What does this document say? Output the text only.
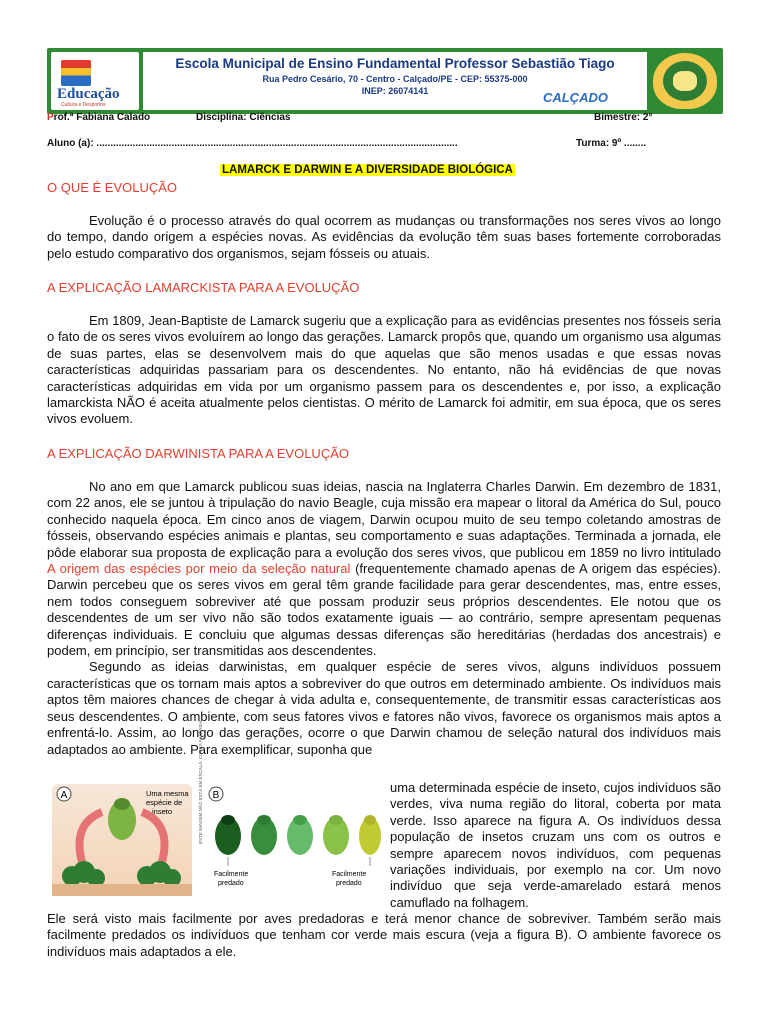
Educação
Cultura e Desportos
Escola Municipal de Ensino Fundamental Professor Sebastião Tiago
Rua Pedro Cesário, 70 - Centro - Calçado/PE - CEP: 55375-000
INEP: 26074141	CALÇADO
Prof.ª Fabiana Calado	Disciplina: Ciências	Bimestre: 2°
Aluno (a): ..................................................................................................................................	Turma: 9º ........
LAMARCK E DARWIN E A DIVERSIDADE BIOLÓGICA
O QUE É EVOLUÇÃO

Evolução é o processo através do qual ocorrem as mudanças ou transformações nos seres vivos ao longo do tempo, dando origem a espécies novas. As evidências da evolução têm suas bases fortemente corroboradas pelo estudo comparativo dos organismos, sejam fósseis ou atuais.

A EXPLICAÇÃO LAMARCKISTA PARA A EVOLUÇÃO

Em 1809, Jean-Baptiste de Lamarck sugeriu que a explicação para as evidências presentes nos fósseis seria o fato de os seres vivos evoluírem ao longo das gerações. Lamarck propôs que, quando um organismo usa algumas de suas partes, elas se desenvolvem mais do que aquelas que são menos usadas e que essas novas características adquiridas passariam para os descendentes. No entanto, não há evidências de que novas características adquiridas em vida por um organismo passem para os descendentes e, por isso, a explicação lamarckista NÃO é aceita atualmente pelos cientistas. O mérito de Lamarck foi admitir, em sua época, que os seres vivos evoluem.

A EXPLICAÇÃO DARWINISTA PARA A EVOLUÇÃO

No ano em que Lamarck publicou suas ideias, nascia na Inglaterra Charles Darwin. Em dezembro de 1831, com 22 anos, ele se juntou à tripulação do navio Beagle, cuja missão era mapear o litoral da América do Sul, pouco conhecido naquela época. Em cinco anos de viagem, Darwin ocupou muito de seu tempo coletando amostras de fósseis, observando espécies animais e plantas, seu comportamento e suas adaptações. Terminada a jornada, ele pôde elaborar sua proposta de explicação para a evolução dos seres vivos, que publicou em 1859 no livro intitulado A origem das espécies por meio da seleção natural (frequentemente chamado apenas de A origem das espécies). Darwin percebeu que os seres vivos em geral têm grande facilidade para gerar descendentes, mas, entre esses, nem todos conseguem sobreviver até que possam produzir seus próprios descendentes. Ele notou que os descendentes de um ser vivo não são todos exatamente iguais — ao contrário, sempre apresentam pequenas diferenças individuais. E concluiu que algumas dessas diferenças são hereditárias (herdadas dos ancestrais) e podem, em princípio, ser transmitidas aos descendentes.

Segundo as ideias darwinistas, em qualquer espécie de seres vivos, alguns indivíduos possuem características que os tornam mais aptos a sobreviver do que outros em determinado ambiente. Os indivíduos mais aptos têm maiores chances de chegar à vida adulta e, consequentemente, de transmitir essas características aos seus descendentes. O ambiente, com seus fatores vivos e fatores não vivos, favorece os organismos mais aptos a enfrentá-lo. Assim, ao longo das gerações, ocorre o que Darwin chamou de seleção natural dos indivíduos mais adaptados ao ambiente. Para exemplificar, suponha que

A	Uma mesma
espécie de
inseto	ESTE IMAGEM NÃO ESTÁ EM ESCALA. CORES FANTASIA B
Facilmente
predado
Facilmente
predado
uma determinada espécie de inseto, cujos indivíduos são verdes, viva numa região do litoral, coberta por mata verde. Isso aparece na figura A. Os indivíduos dessa população de insetos cruzam uns com os outros e sempre aparecem novos indivíduos, com pequenas variações individuais, por exemplo na cor. Um novo indivíduo que seja verde-amarelado estará menos camuflado na folhagem.

Ele será visto mais facilmente por aves predadoras e terá menor chance de sobreviver. Também serão mais facilmente predados os indivíduos que tenham cor verde mais escura (veja a figura B). O ambiente favorece os indivíduos mais adaptados a ele.
